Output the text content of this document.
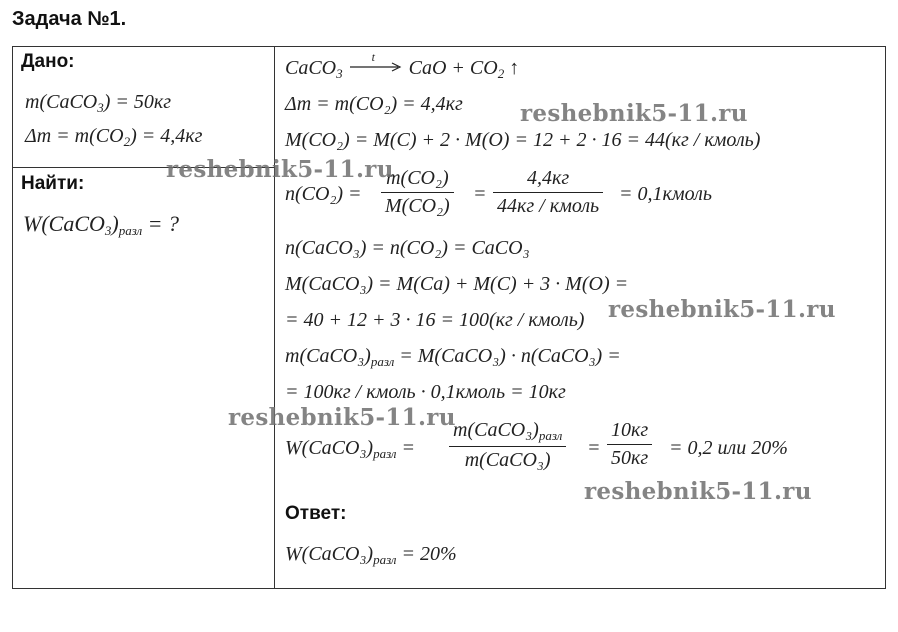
Задача №1.
Дано:
m(CaCO$_3$) = 50кг
$\Delta m = m(CO_2) = 4,4кг$
Найти:
$W(CaCO_3)_{разл}$ = ?
CaCO$_3$
t CaO + $CO_2$ ↑
Δm = m(CO₂) = 4,4кг
M(CO₂) = M(C) + 2 · M(O) = 12 + 2 · 16 = 44(кг / кмоль)
n(CO₂) =
m(CO₂)
M(CO₂)
=
4,4кг
44кг / кмоль
= 0,1кмоль
n(CaCO₃) = n(CO₂) = CaCO₃
M(CaCO₃) = M(Ca) + M(C) + 3 · M(O) =
= 40 + 12 + 3 · 16 = 100(кг / кмоль)
$m(CaCO_3)_{разл}$ = M(CaCO₃) · n(CaCO₃) =
= 100кг / кмоль · 0,1кмоль = 10кг
$W(CaCO_3)_{разл}$ =
$m(CaCO_3)_{разл}$
m(CaCO₃)
=
10кг
50кг = 0,2 или 20%
Ответ:
$W(CaCO_3)_{разл} = 20\%$
reshebnik5-11.ru
reshebnik5-11.ru
reshebnik5-11.ru
reshebnik5-11.ru
reshebnik5-11.ru
